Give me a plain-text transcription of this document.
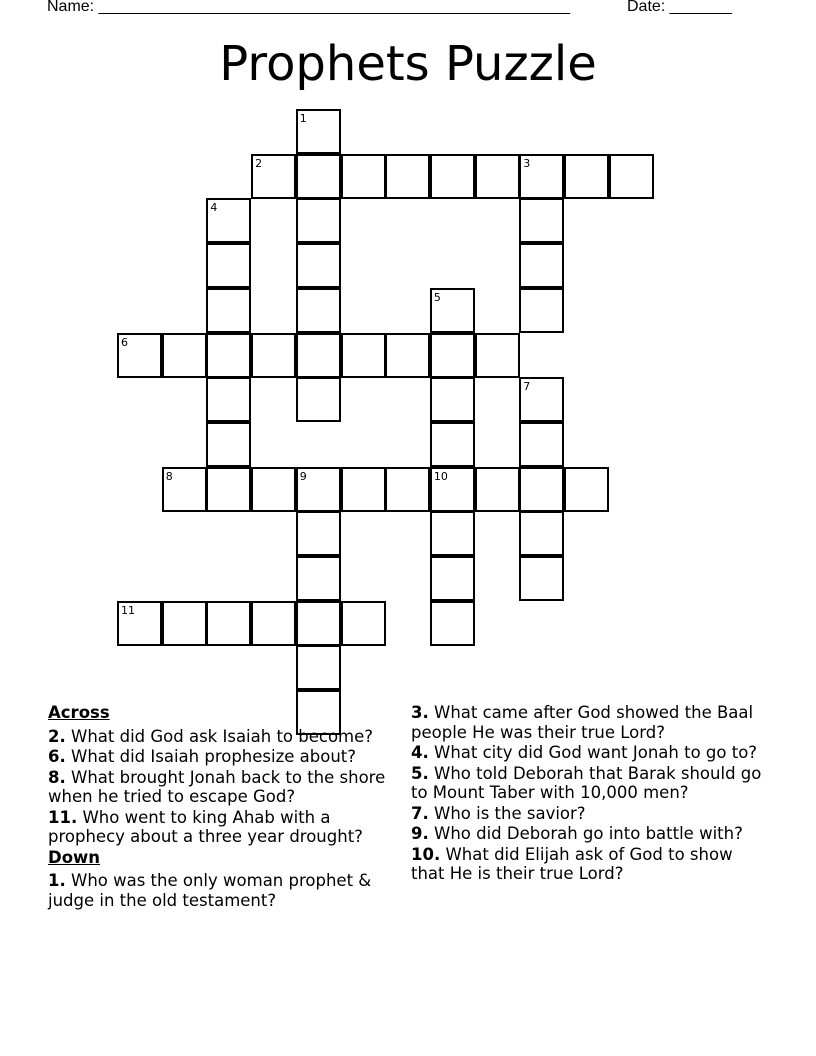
Name: _____________________________________________________	Date: _______
Prophets Puzzle
2	3
6
8	9	10
11
1
4
5
7
Across
2. What did God ask Isaiah to become?
6. What did Isaiah prophesize about?
8. What brought Jonah back to the shore when he tried to escape God?
11. Who went to king Ahab with a prophecy about a three year drought?
Down
1. Who was the only woman prophet & judge in the old testament?
3. What came after God showed the Baal people He was their true Lord?
4. What city did God want Jonah to go to?
5. Who told Deborah that Barak should go to Mount Taber with 10,000 men?
7. Who is the savior?
9. Who did Deborah go into battle with?
10. What did Elijah ask of God to show that He is their true Lord?
